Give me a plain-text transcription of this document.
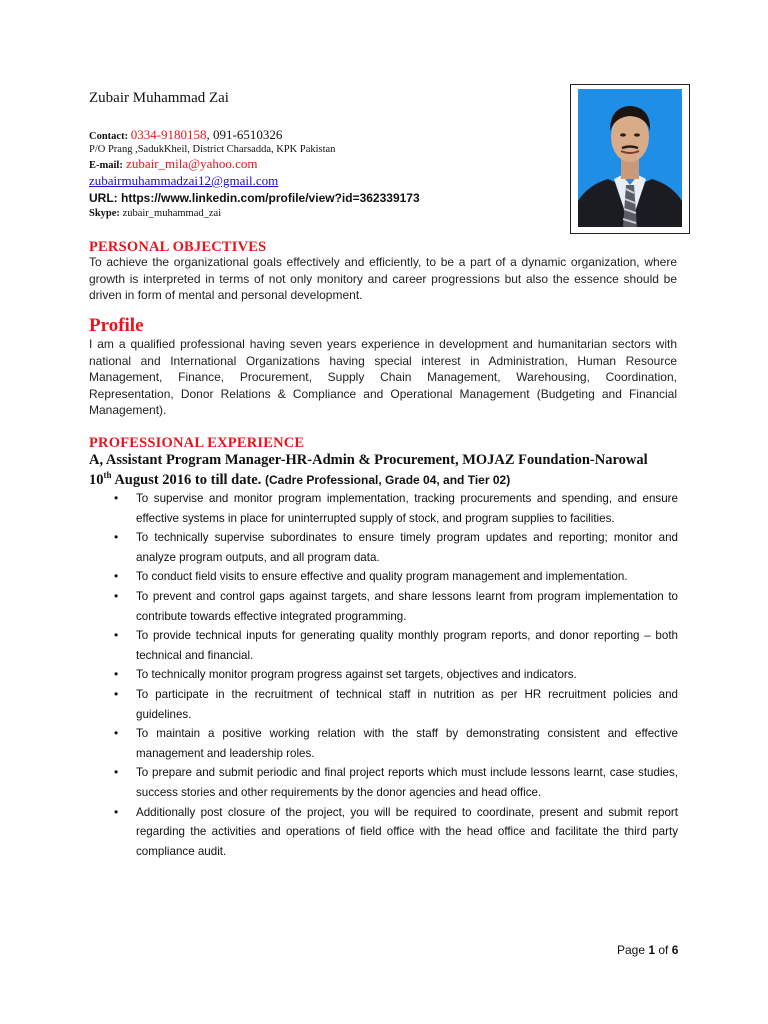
Zubair Muhammad Zai
Contact: 0334-9180158, 091-6510326
P/O Prang ,SadukKheil, District Charsadda, KPK Pakistan
E-mail: zubair_mila@yahoo.com
zubairmuhammadzai12@gmail.com
URL: https://www.linkedin.com/profile/view?id=362339173
Skype: zubair_muhammad_zai
PERSONAL OBJECTIVES
To achieve the organizational goals effectively and efficiently, to be a part of a dynamic organization, where growth is interpreted in terms of not only monitory and career progressions but also the essence should be driven in form of mental and personal development.
Profile
I am a qualified professional having seven years experience in development and humanitarian sectors with national and International Organizations having special interest in Administration, Human Resource Management, Finance, Procurement, Supply Chain Management, Warehousing, Coordination, Representation, Donor Relations & Compliance and Operational Management (Budgeting and Financial Management).
PROFESSIONAL EXPERIENCE
A, Assistant Program Manager-HR-Admin & Procurement, MOJAZ Foundation-Narowal
10th August 2016 to till date. (Cadre Professional, Grade 04, and Tier 02)
• To supervise and monitor program implementation, tracking procurements and spending, and ensure effective systems in place for uninterrupted supply of stock, and program supplies to facilities.
• To technically supervise subordinates to ensure timely program updates and reporting; monitor and analyze program outputs, and all program data.
• To conduct field visits to ensure effective and quality program management and implementation.
• To prevent and control gaps against targets, and share lessons learnt from program implementation to contribute towards effective integrated programming.
• To provide technical inputs for generating quality monthly program reports, and donor reporting – both technical and financial.
• To technically monitor program progress against set targets, objectives and indicators.
• To participate in the recruitment of technical staff in nutrition as per HR recruitment policies and guidelines.
• To maintain a positive working relation with the staff by demonstrating consistent and effective management and leadership roles.
• To prepare and submit periodic and final project reports which must include lessons learnt, case studies, success stories and other requirements by the donor agencies and head office.
• Additionally post closure of the project, you will be required to coordinate, present and submit report regarding the activities and operations of field office with the head office and facilitate the third party compliance audit.
Page 1 of 6
